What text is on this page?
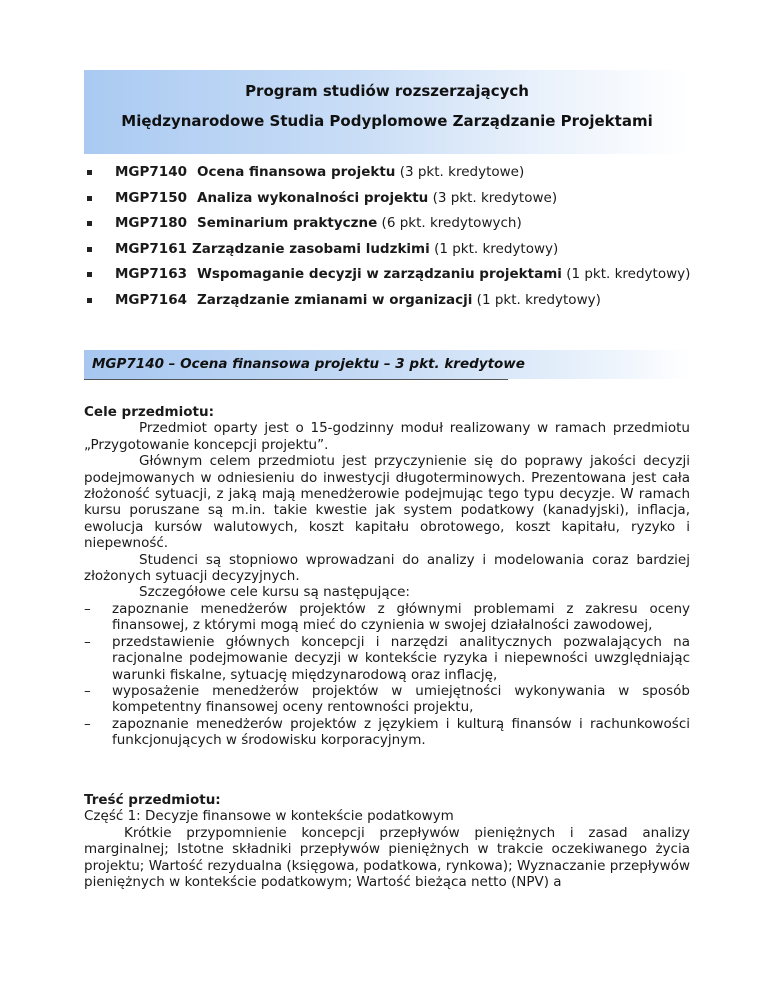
Program studiów rozszerzających
Międzynarodowe Studia Podyplomowe Zarządzanie Projektami
MGP7140 Ocena finansowa projektu (3 pkt. kredytowe)
MGP7150 Analiza wykonalności projektu (3 pkt. kredytowe)
MGP7180 Seminarium praktyczne (6 pkt. kredytowych)
MGP7161 Zarządzanie zasobami ludzkimi (1 pkt. kredytowy)
MGP7163 Wspomaganie decyzji w zarządzaniu projektami (1 pkt. kredytowy)
MGP7164 Zarządzanie zmianami w organizacji (1 pkt. kredytowy)
MGP7140 – Ocena finansowa projektu – 3 pkt. kredytowe
Cele przedmiotu:

Przedmiot oparty jest o 15-godzinny moduł realizowany w ramach przedmiotu „Przygotowanie koncepcji projektu”.

Głównym celem przedmiotu jest przyczynienie się do poprawy jakości decyzji podejmowanych w odniesieniu do inwestycji długoterminowych. Prezentowana jest cała złożoność sytuacji, z jaką mają menedżerowie podejmując tego typu decyzje. W ramach kursu poruszane są m.in. takie kwestie jak system podatkowy (kanadyjski), inflacja, ewolucja kursów walutowych, koszt kapitału obrotowego, koszt kapitału, ryzyko i niepewność.

Studenci są stopniowo wprowadzani do analizy i modelowania coraz bardziej złożonych sytuacji decyzyjnych.

Szczegółowe cele kursu są następujące:

– zapoznanie menedżerów projektów z głównymi problemami z zakresu oceny finansowej, z którymi mogą mieć do czynienia w swojej działalności zawodowej,
– przedstawienie głównych koncepcji i narzędzi analitycznych pozwalających na racjonalne podejmowanie decyzji w kontekście ryzyka i niepewności uwzględniając warunki fiskalne, sytuację międzynarodową oraz inflację,
– wyposażenie menedżerów projektów w umiejętności wykonywania w sposób kompetentny finansowej oceny rentowności projektu,
– zapoznanie menedżerów projektów z językiem i kulturą finansów i rachunkowości funkcjonujących w środowisku korporacyjnym.
Treść przedmiotu:

Część 1: Decyzje finansowe w kontekście podatkowym

Krótkie przypomnienie koncepcji przepływów pieniężnych i zasad analizy marginalnej; Istotne składniki przepływów pieniężnych w trakcie oczekiwanego życia projektu; Wartość rezydualna (księgowa, podatkowa, rynkowa); Wyznaczanie przepływów pieniężnych w kontekście podatkowym; Wartość bieżąca netto (NPV) a
